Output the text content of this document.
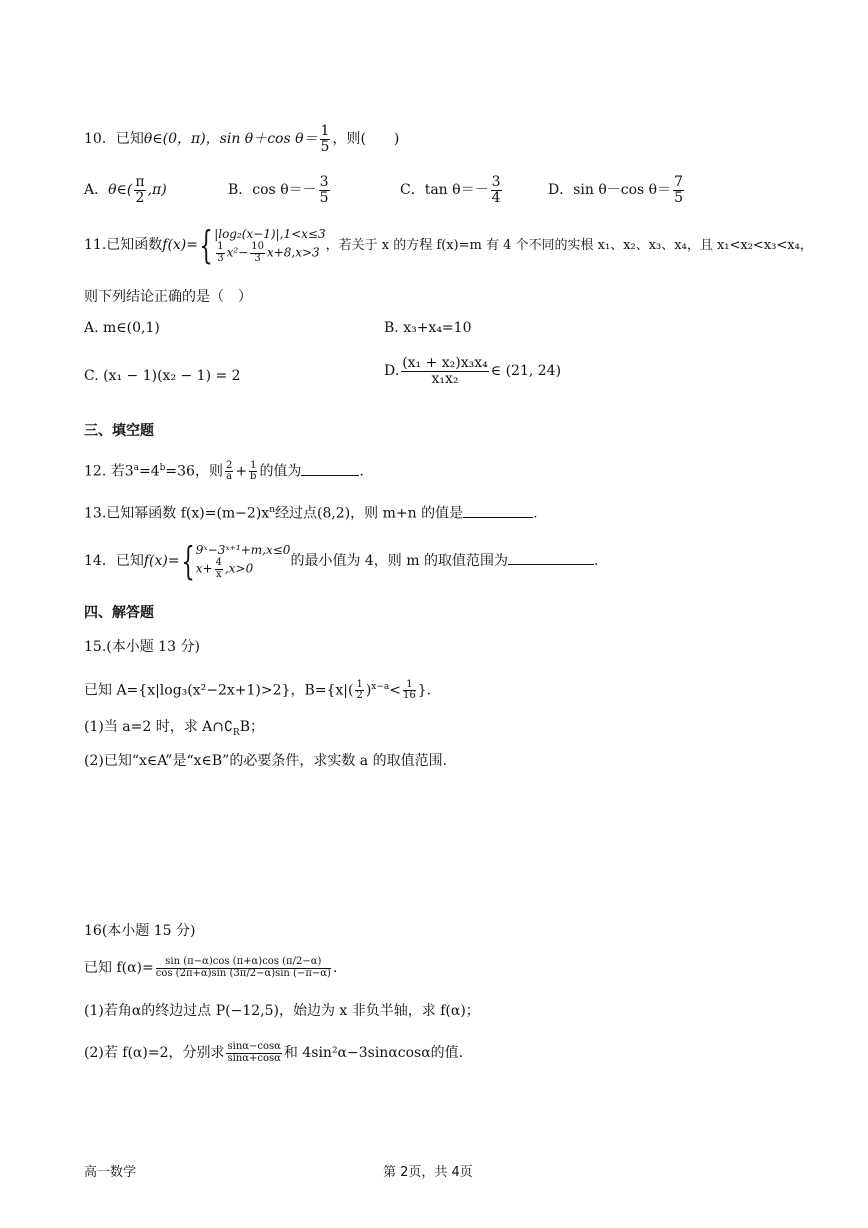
10．已知θ∈(0，π)，sin θ＋cos $\theta= \frac{1}{5}$ ，则(　　)
A．θ∈( $\frac{\pi}{2} ,\pi$)	B．$\cos \theta=- \frac{3}{5}$	C．$\tan \theta=- \frac{3}{4}$	D．sin θ－cos $\theta= \frac{7}{5}$
11.已知函数f(x)={ |log₂(x−1)|,1<x≤3
$\frac{1}{3} x^2- \frac{10}{3} x+8,x>3$ ，若关于 x 的方程 f(x)=m 有 4 个不同的实根 x₁、x₂、x₃、x₄，且 x₁<x₂<x₃<x₄，
则下列结论正确的是（　）
A. m∈(0,1)	B. x₃+x₄=10
C. (x₁ − 1)(x₂ − 1) = 2	D. $\frac{\text{(x₁ + x₂)x₃x₄}}{\text{x₁x₂}}$ ∈ (21, 24)
三、填空题
12. 若$3^a=4^b=36$，则 $\frac{2}{a} + \frac{1}{b}$ 的值为	.
13.已知幂函数 $f(x)=(m-2)x^n$经过点(8,2)，则 m+n 的值是	.
14．已知f(x)={ 9ˣ−3ˣ⁺¹+m,x≤0
$x+ \frac{4}{x} ,x>0$	的最小值为 4，则 m 的取值范围为	.
四、解答题
15.(本小题 13 分)
已知 A={x|log₃(x²−2x+1)>2}，$B=\{x|( \frac{1}{2} )^{x-a}< \frac{1}{16}$ }.
(1)当 a=2 时，求 $A\cap∁_RB$；
(2)已知“x∈A”是“x∈B”的必要条件，求实数 a 的取值范围.
16(本小题 15 分)
已知 $f(\alpha)= \frac{\sin (\pi-\alpha)\cos (\pi+\alpha)\cos (\pi/2-\alpha)}{\cos (2\pi+\alpha)\sin (3\pi/2-\alpha)\sin (-\pi-\alpha)}$ .
(1)若角α的终边过点 P(−12,5)，始边为 x 非负半轴，求 f(α)；
(2)若 f(α)=2，分别求 $\frac{\sin\alpha-\cos\alpha}{\sin\alpha+\cos\alpha}$ 和 4sin²α−3sinαcosα的值.
高一数学	第 2页，共 4页
